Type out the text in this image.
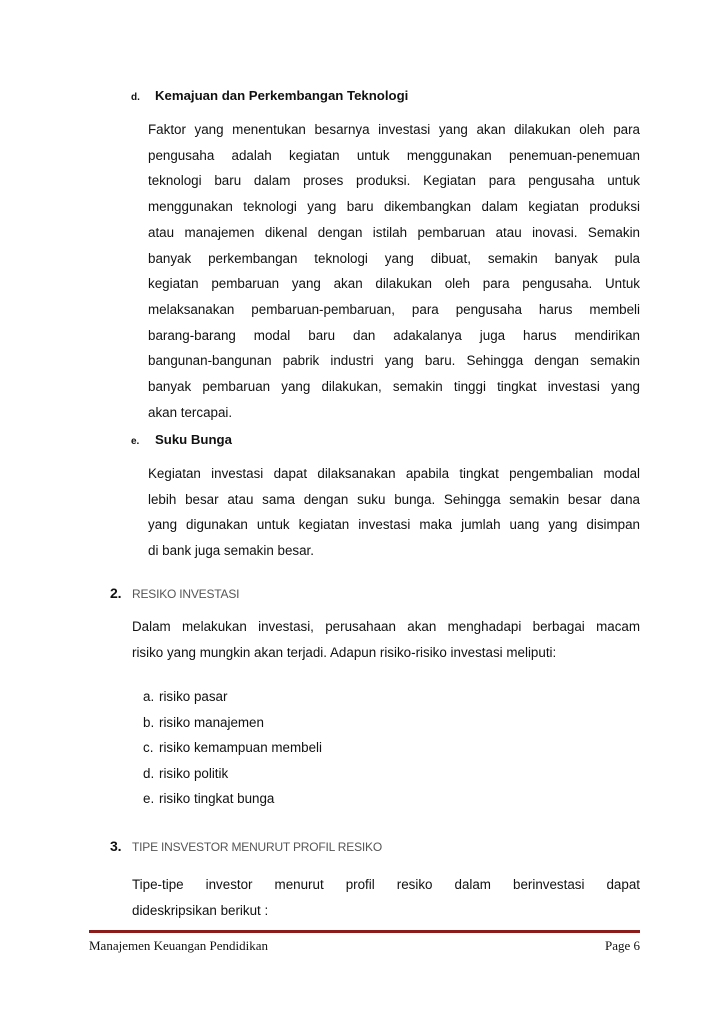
d. Kemajuan dan Perkembangan Teknologi
Faktor yang menentukan besarnya investasi yang akan dilakukan oleh para
pengusaha adalah kegiatan untuk menggunakan penemuan-penemuan
teknologi baru dalam proses produksi. Kegiatan para pengusaha untuk
menggunakan teknologi yang baru dikembangkan dalam kegiatan produksi
atau manajemen dikenal dengan istilah pembaruan atau inovasi. Semakin
banyak perkembangan teknologi yang dibuat, semakin banyak pula
kegiatan pembaruan yang akan dilakukan oleh para pengusaha. Untuk
melaksanakan pembaruan-pembaruan, para pengusaha harus membeli
barang-barang modal baru dan adakalanya juga harus mendirikan
bangunan-bangunan pabrik industri yang baru. Sehingga dengan semakin
banyak pembaruan yang dilakukan, semakin tinggi tingkat investasi yang
akan tercapai.
e. Suku Bunga
Kegiatan investasi dapat dilaksanakan apabila tingkat pengembalian modal
lebih besar atau sama dengan suku bunga. Sehingga semakin besar dana
yang digunakan untuk kegiatan investasi maka jumlah uang yang disimpan
di bank juga semakin besar.
2. RESIKO INVESTASI
Dalam melakukan investasi, perusahaan akan menghadapi berbagai macam
risiko yang mungkin akan terjadi. Adapun risiko-risiko investasi meliputi:
a. risiko pasar
b. risiko manajemen
c. risiko kemampuan membeli
d. risiko politik
e. risiko tingkat bunga
3. TIPE INSVESTOR MENURUT PROFIL RESIKO
Tipe-tipe investor menurut profil resiko dalam berinvestasi dapat
dideskripsikan berikut :
Manajemen Keuangan Pendidikan	Page 6
